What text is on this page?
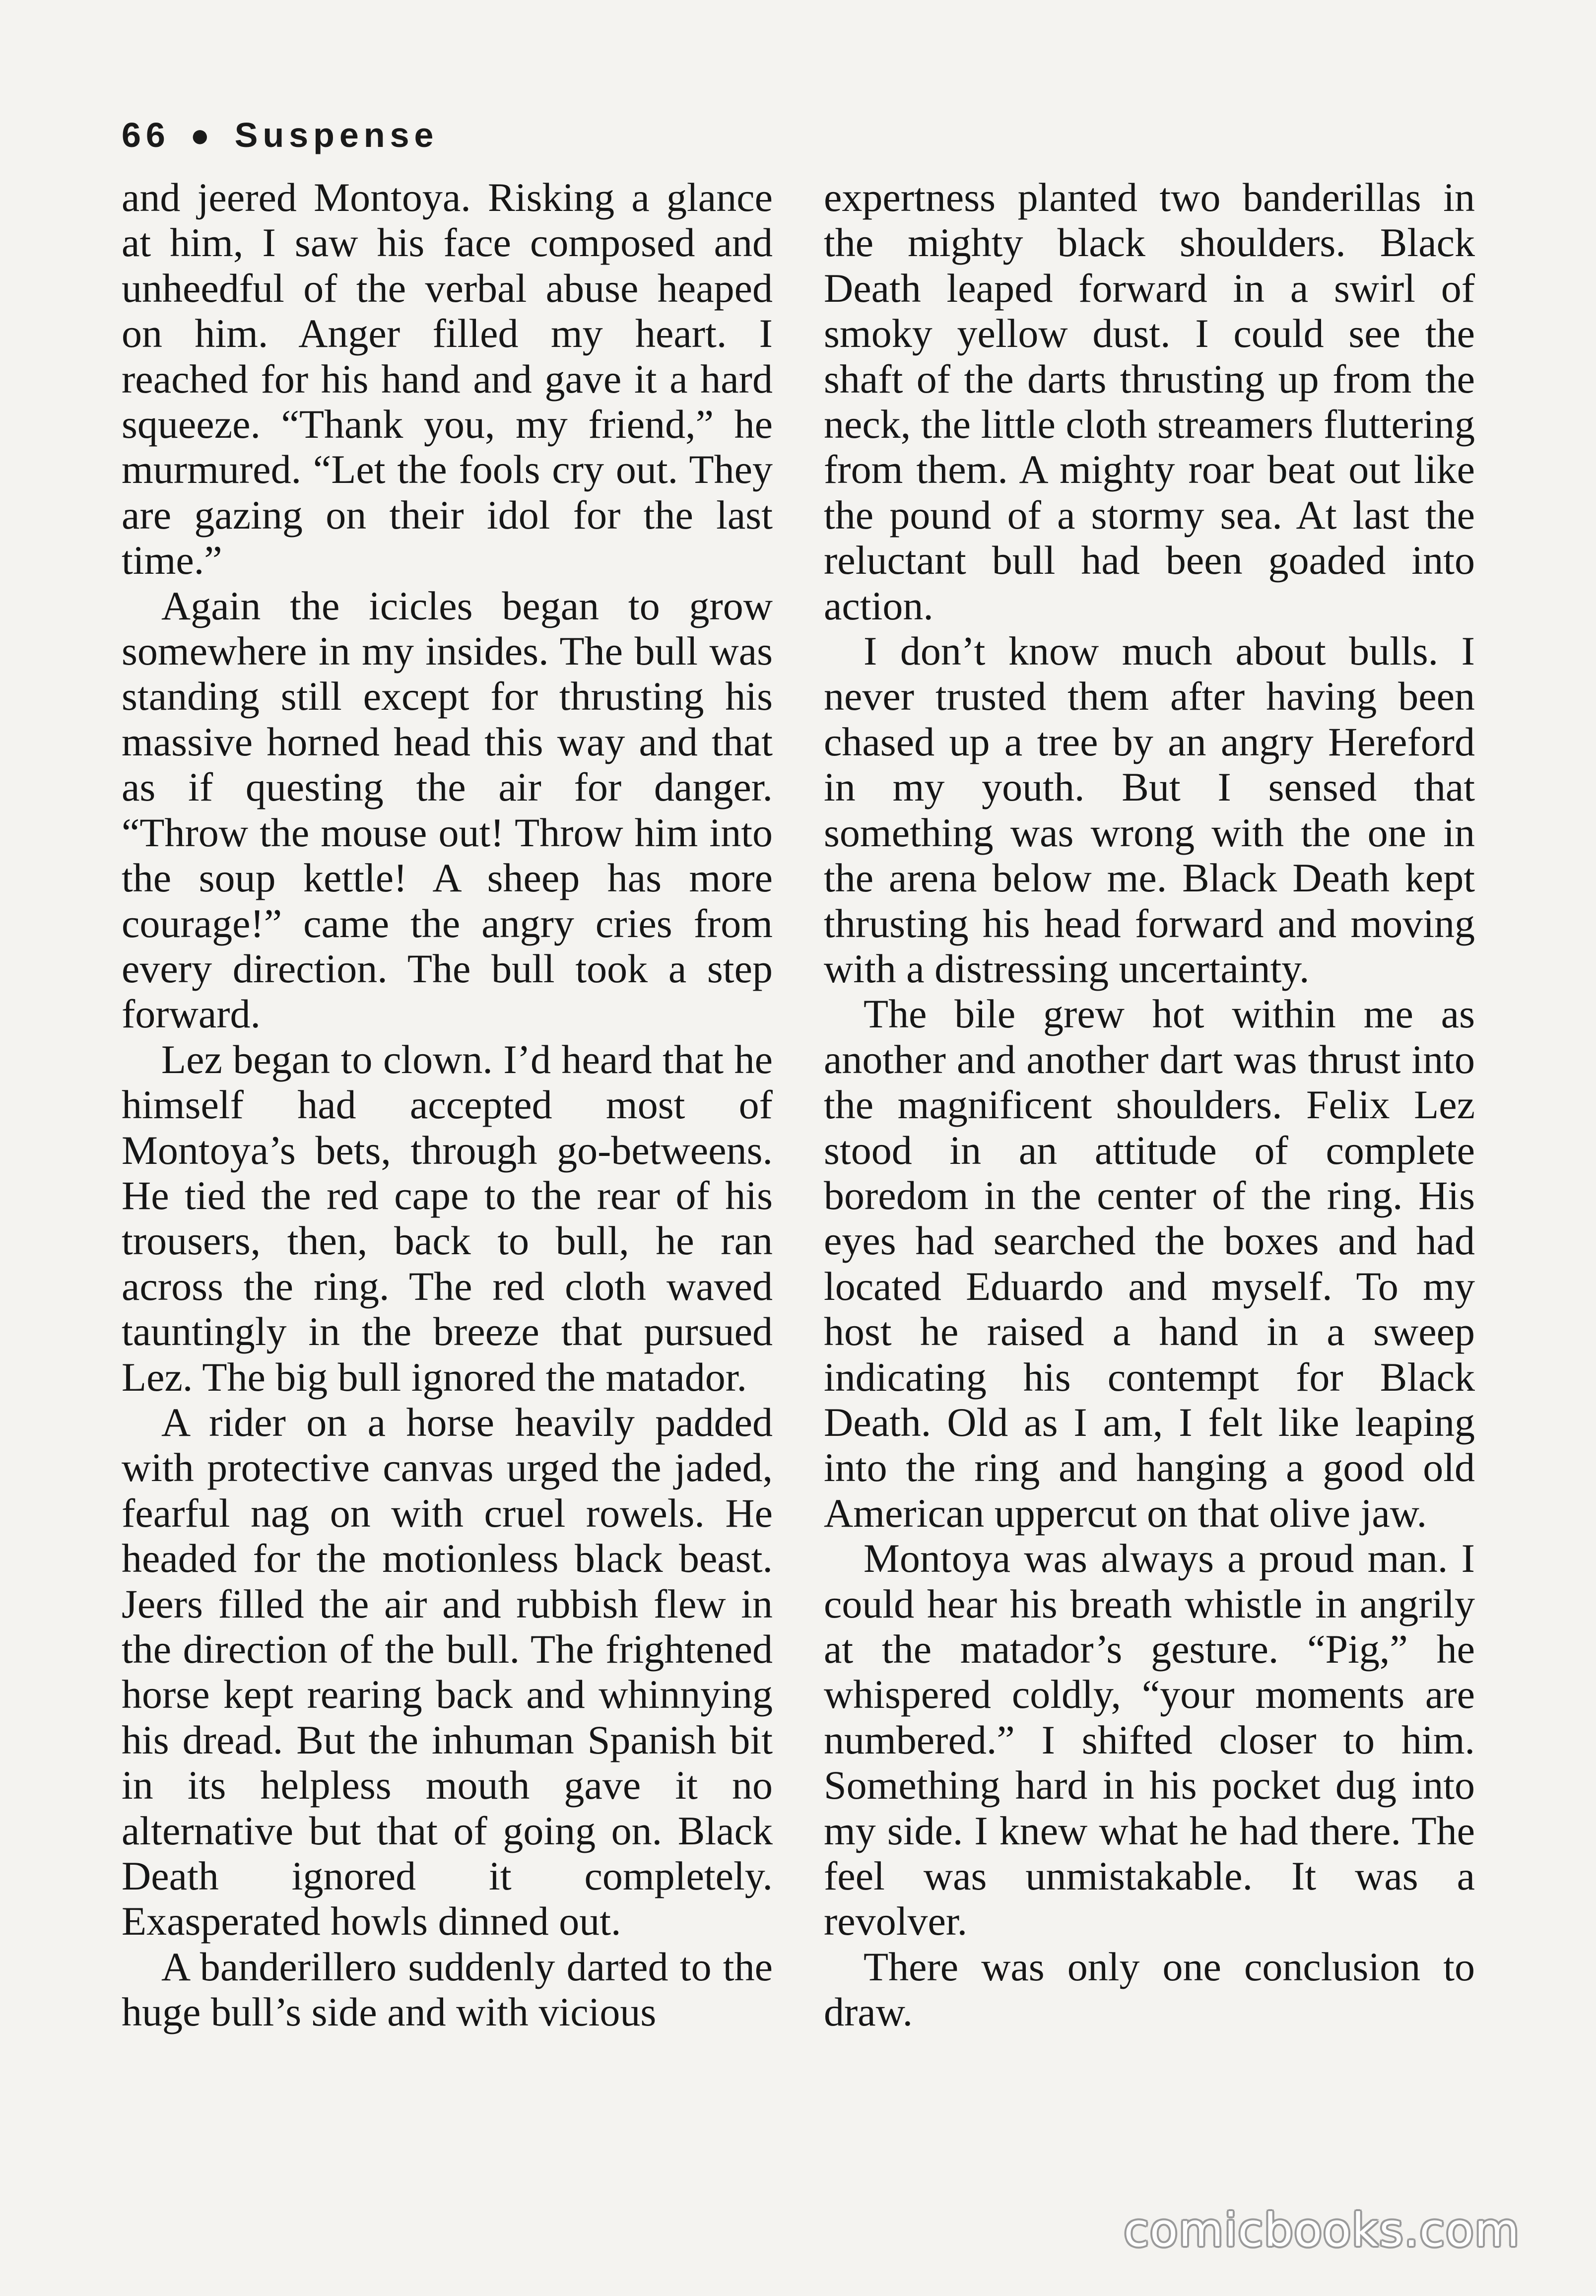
66 ● Suspense

and jeered Montoya. Risking a glance at him, I saw his face composed and unheedful of the verbal abuse heaped on him. Anger filled my heart. I reached for his hand and gave it a hard squeeze. “Thank you, my friend,” he murmured. “Let the fools cry out. They are gazing on their idol for the last time.”

Again the icicles began to grow somewhere in my insides. The bull was standing still except for thrusting his massive horned head this way and that as if questing the air for danger. “Throw the mouse out! Throw him into the soup kettle! A sheep has more courage!” came the angry cries from every direction. The bull took a step forward.

Lez began to clown. I’d heard that he himself had accepted most of Montoya’s bets, through go-betweens. He tied the red cape to the rear of his trousers, then, back to bull, he ran across the ring. The red cloth waved tauntingly in the breeze that pursued Lez. The big bull ignored the matador.

A rider on a horse heavily padded with protective canvas urged the jaded, fearful nag on with cruel rowels. He headed for the motionless black beast. Jeers filled the air and rubbish flew in the direction of the bull. The frightened horse kept rearing back and whinnying his dread. But the inhuman Spanish bit in its helpless mouth gave it no alternative but that of going on. Black Death ignored it completely. Exasperated howls dinned out.

A banderillero suddenly darted to the huge bull’s side and with vicious

expertness planted two banderillas in the mighty black shoulders. Black Death leaped forward in a swirl of smoky yellow dust. I could see the shaft of the darts thrusting up from the neck, the little cloth streamers fluttering from them. A mighty roar beat out like the pound of a stormy sea. At last the reluctant bull had been goaded into action.

I don’t know much about bulls. I never trusted them after having been chased up a tree by an angry Hereford in my youth. But I sensed that something was wrong with the one in the arena below me. Black Death kept thrusting his head forward and moving with a distressing uncertainty.

The bile grew hot within me as another and another dart was thrust into the magnificent shoulders. Felix Lez stood in an attitude of complete boredom in the center of the ring. His eyes had searched the boxes and had located Eduardo and myself. To my host he raised a hand in a sweep indicating his contempt for Black Death. Old as I am, I felt like leaping into the ring and hanging a good old American uppercut on that olive jaw.

Montoya was always a proud man. I could hear his breath whistle in angrily at the matador’s gesture. “Pig,” he whispered coldly, “your moments are numbered.” I shifted closer to him. Something hard in his pocket dug into my side. I knew what he had there. The feel was unmistakable. It was a revolver.

There was only one conclusion to draw.

comicbooks.com
